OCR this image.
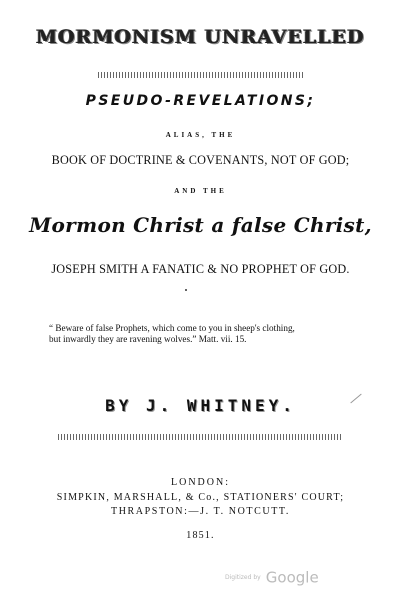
MORMONISM UNRAVELLED
PSEUDO-REVELATIONS;
ALIAS, THE
BOOK OF DOCTRINE & COVENANTS, NOT OF GOD;
AND THE
Mormon Christ a false Christ,
JOSEPH SMITH A FANATIC & NO PROPHET OF GOD.
“ Beware of false Prophets, which come to you in sheep's clothing,
but inwardly they are ravening wolves.” Matt. vii. 15.
BY J. WHITNEY.
LONDON:
SIMPKIN, MARSHALL, & Co., STATIONERS' COURT;
THRAPSTON:—J. T. NOTCUTT.
1851.
Digitized by Google
